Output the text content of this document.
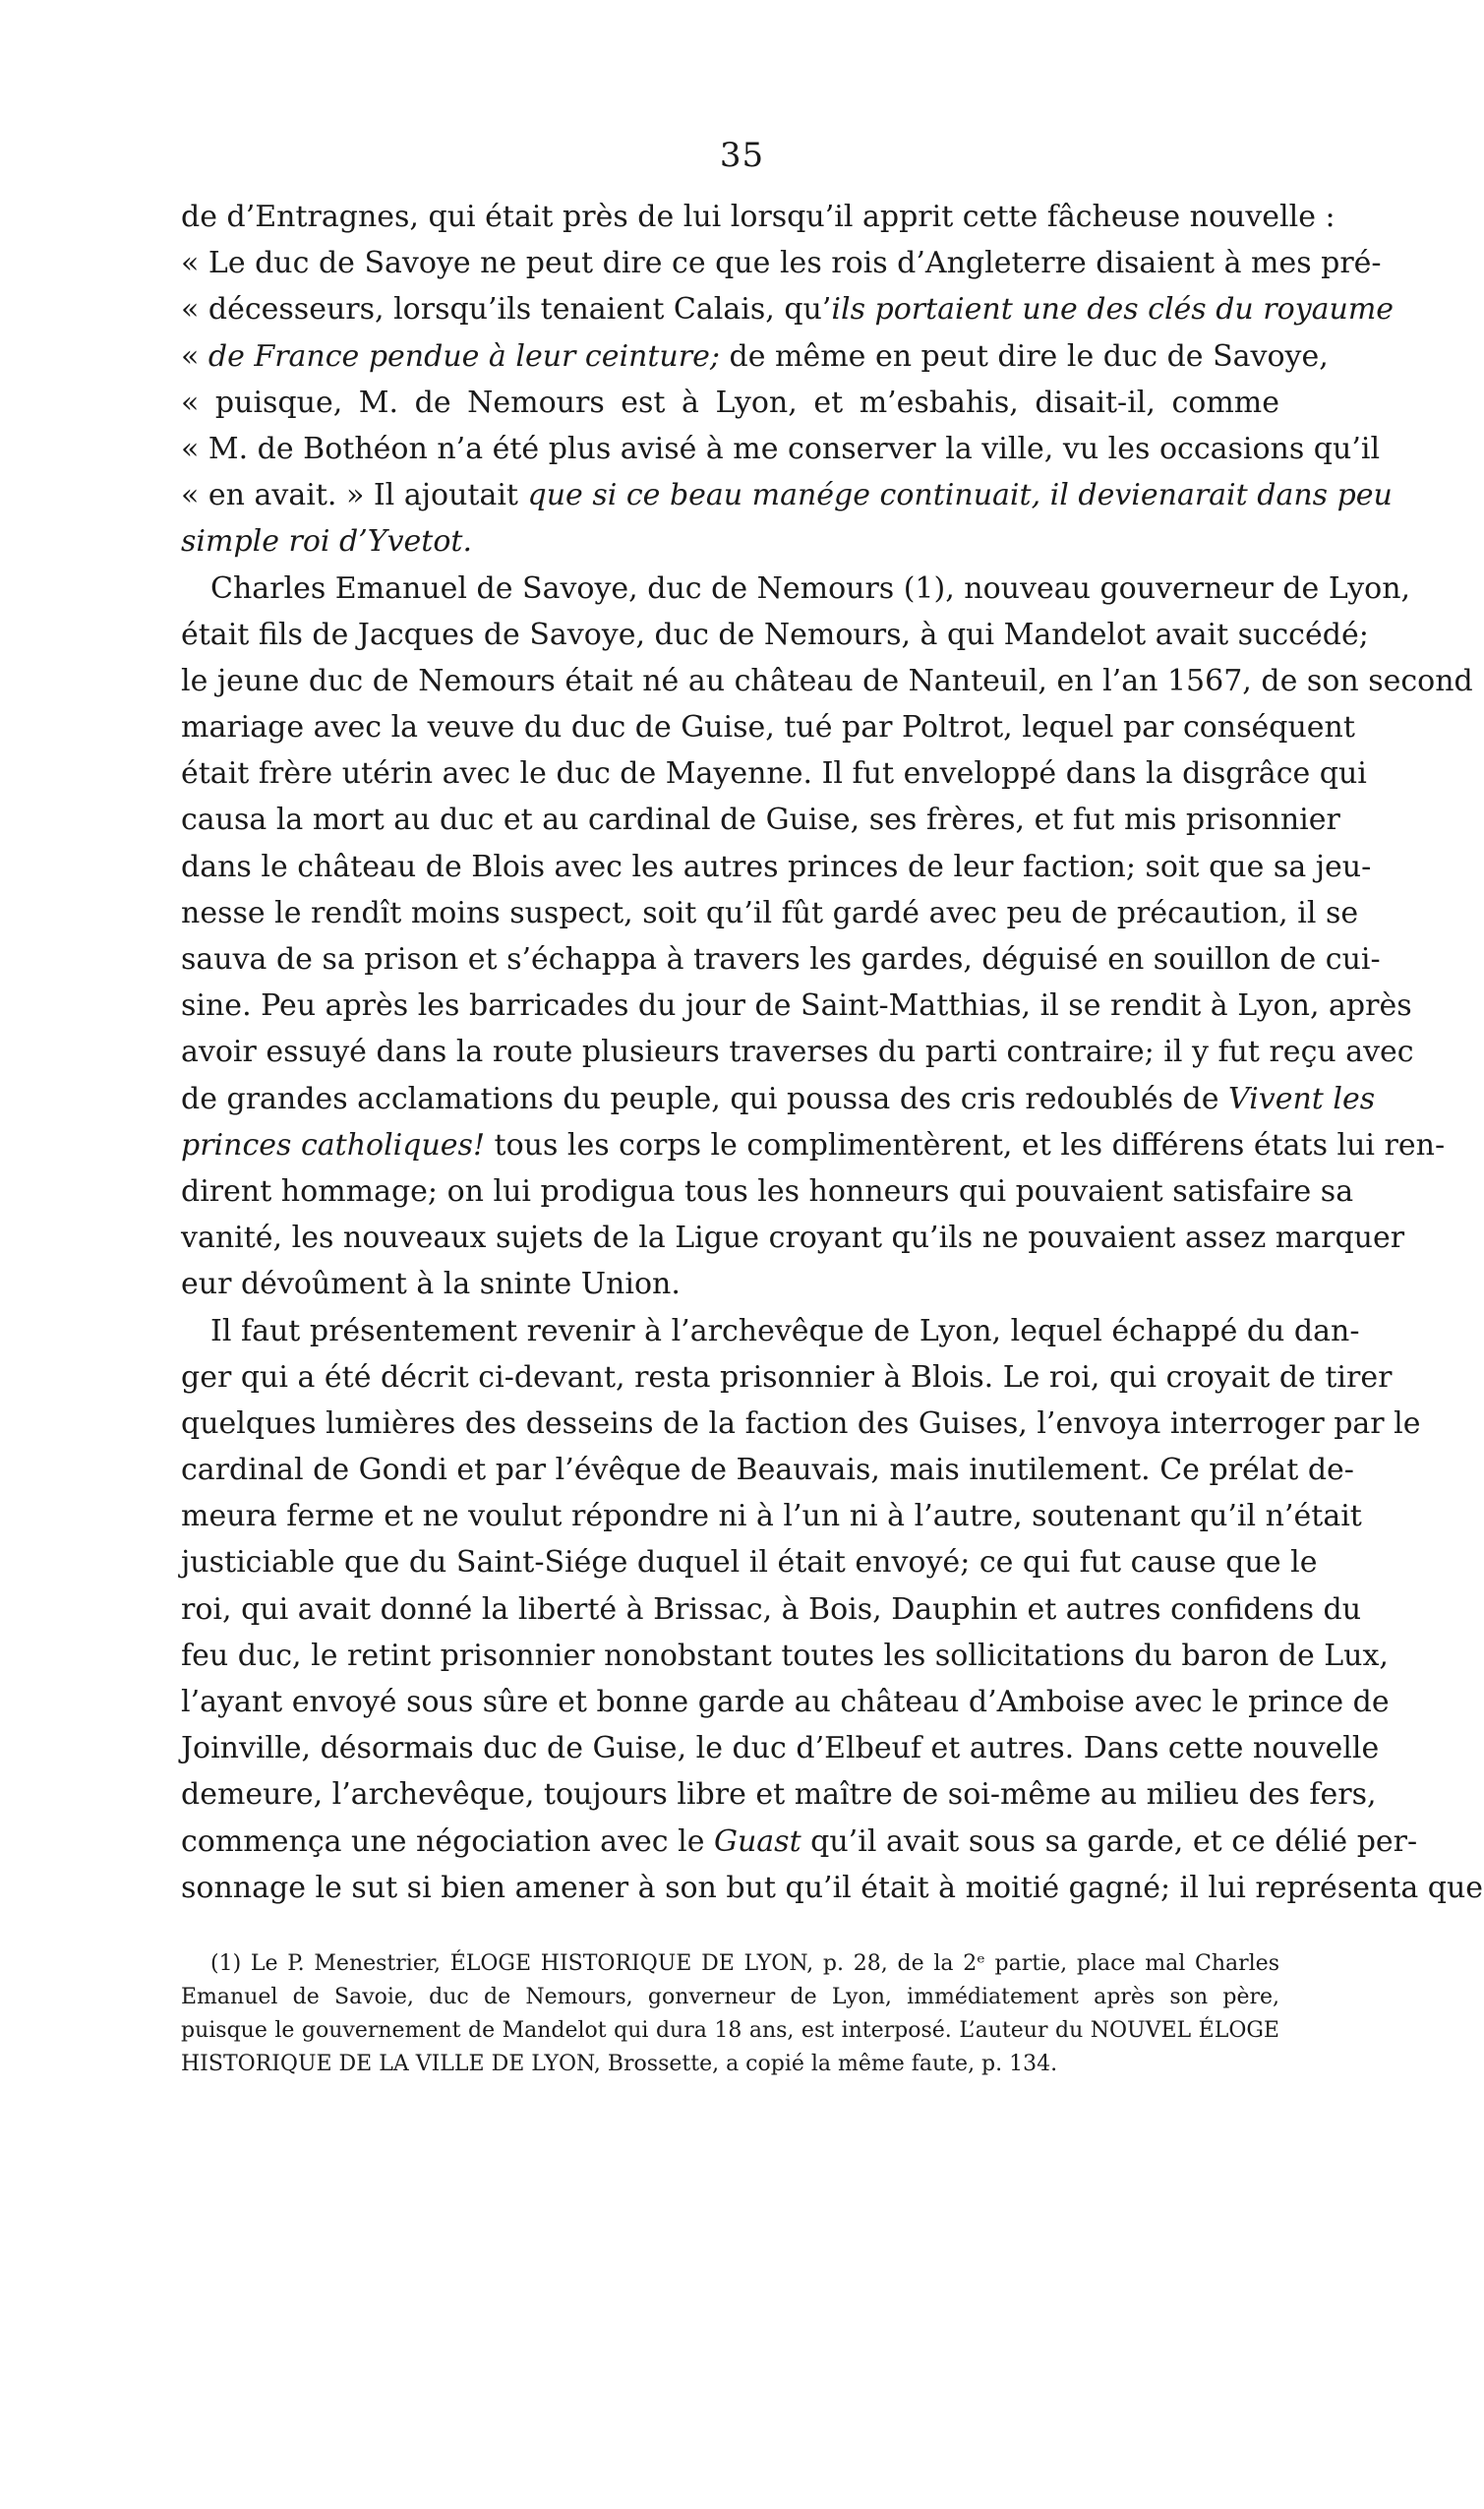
35
de d’Entragnes, qui était près de lui lorsqu’il apprit cette fâcheuse nouvelle :
« Le duc de Savoye ne peut dire ce que les rois d’Angleterre disaient à mes pré-
« décesseurs, lorsqu’ils tenaient Calais, qu’ils portaient une des clés du royaume
« de France pendue à leur ceinture; de même en peut dire le duc de Savoye,
« puisque, M. de Nemours est à Lyon, et m’esbahis, disait-il, comme
« M. de Bothéon n’a été plus avisé à me conserver la ville, vu les occasions qu’il
« en avait. » Il ajoutait que si ce beau manége continuait, il devienarait dans peu
simple roi d’Yvetot.
Charles Emanuel de Savoye, duc de Nemours (1), nouveau gouverneur de Lyon,
était fils de Jacques de Savoye, duc de Nemours, à qui Mandelot avait succédé;
le jeune duc de Nemours était né au château de Nanteuil, en l’an 1567, de son second
mariage avec la veuve du duc de Guise, tué par Poltrot, lequel par conséquent
était frère utérin avec le duc de Mayenne. Il fut enveloppé dans la disgrâce qui
causa la mort au duc et au cardinal de Guise, ses frères, et fut mis prisonnier
dans le château de Blois avec les autres princes de leur faction; soit que sa jeu-
nesse le rendît moins suspect, soit qu’il fût gardé avec peu de précaution, il se
sauva de sa prison et s’échappa à travers les gardes, déguisé en souillon de cui-
sine. Peu après les barricades du jour de Saint-Matthias, il se rendit à Lyon, après
avoir essuyé dans la route plusieurs traverses du parti contraire; il y fut reçu avec
de grandes acclamations du peuple, qui poussa des cris redoublés de Vivent les
princes catholiques! tous les corps le complimentèrent, et les différens états lui ren-
dirent hommage; on lui prodigua tous les honneurs qui pouvaient satisfaire sa
vanité, les nouveaux sujets de la Ligue croyant qu’ils ne pouvaient assez marquer
eur dévoûment à la sninte Union.
Il faut présentement revenir à l’archevêque de Lyon, lequel échappé du dan-
ger qui a été décrit ci-devant, resta prisonnier à Blois. Le roi, qui croyait de tirer
quelques lumières des desseins de la faction des Guises, l’envoya interroger par le
cardinal de Gondi et par l’évêque de Beauvais, mais inutilement. Ce prélat de-
meura ferme et ne voulut répondre ni à l’un ni à l’autre, soutenant qu’il n’était
justiciable que du Saint-Siége duquel il était envoyé; ce qui fut cause que le
roi, qui avait donné la liberté à Brissac, à Bois, Dauphin et autres confidens du
feu duc, le retint prisonnier nonobstant toutes les sollicitations du baron de Lux,
l’ayant envoyé sous sûre et bonne garde au château d’Amboise avec le prince de
Joinville, désormais duc de Guise, le duc d’Elbeuf et autres. Dans cette nouvelle
demeure, l’archevêque, toujours libre et maître de soi-même au milieu des fers,
commença une négociation avec le Guast qu’il avait sous sa garde, et ce délié per-
sonnage le sut si bien amener à son but qu’il était à moitié gagné; il lui représenta que
(1) Le P. Menestrier, ÉLOGE HISTORIQUE DE LYON, p. 28, de la 2ᵉ partie, place mal Charles
Emanuel de Savoie, duc de Nemours, gonverneur de Lyon, immédiatement après son père,
puisque le gouvernement de Mandelot qui dura 18 ans, est interposé. L’auteur du NOUVEL ÉLOGE
HISTORIQUE DE LA VILLE DE LYON, Brossette, a copié la même faute, p. 134.
